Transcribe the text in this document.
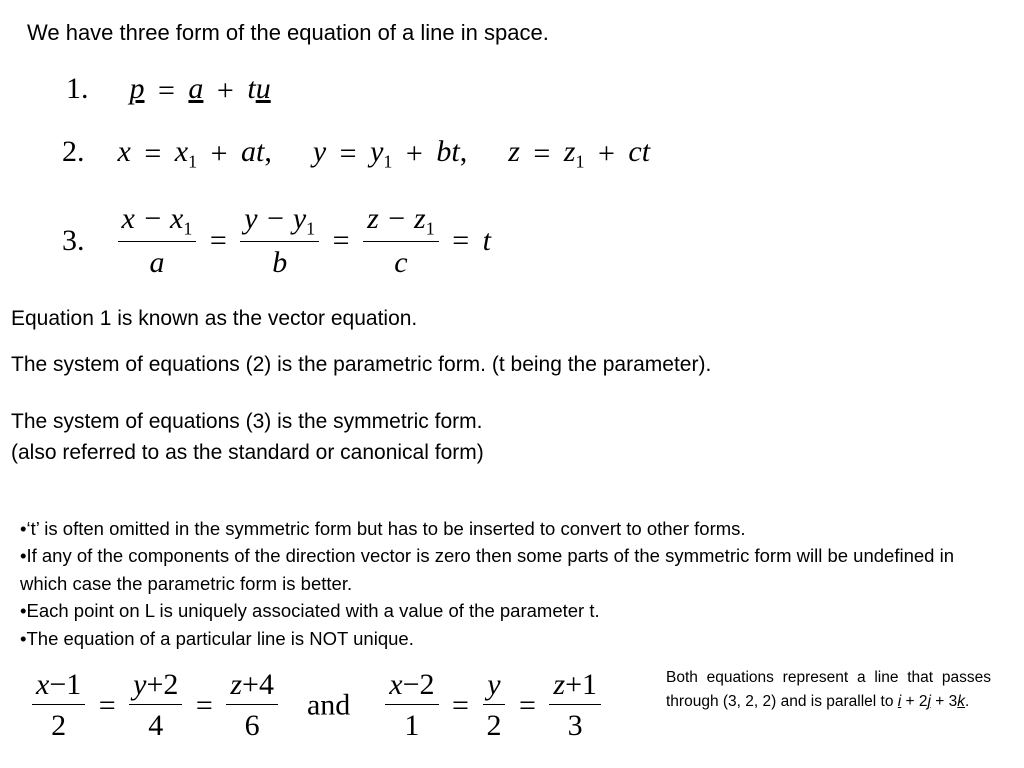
We have three form of the equation of a line in space.
1. p = a + tu
2. $x = x_1$ + at, $y = y_1$ + bt, $z = z_1$ + ct
3. $\frac{x - x_1}{a} = \frac{y - y_1}{b} = \frac{z - z_1}{c} = t$
Equation 1 is known as the vector equation.
The system of equations (2) is the parametric form. (t being the parameter).
The system of equations (3) is the symmetric form.
(also referred to as the standard or canonical form)

•‘t’ is often omitted in the symmetric form but has to be inserted to convert to other forms.

•If any of the components of the direction vector is zero then some parts of the symmetric form will be undefined in which case the parametric form is better.

•Each point on L is uniquely associated with a value of the parameter t.

•The equation of a particular line is NOT unique.

$\frac{x-1}{2} = \frac{y+2}{4} = \frac{z+4}{6}$ and $\frac{x-2}{1} = \frac{y}{2} = \frac{z+1}{3}$	Both equations represent a line that passes through (3, 2, 2) and is parallel to i + 2j + 3k.
